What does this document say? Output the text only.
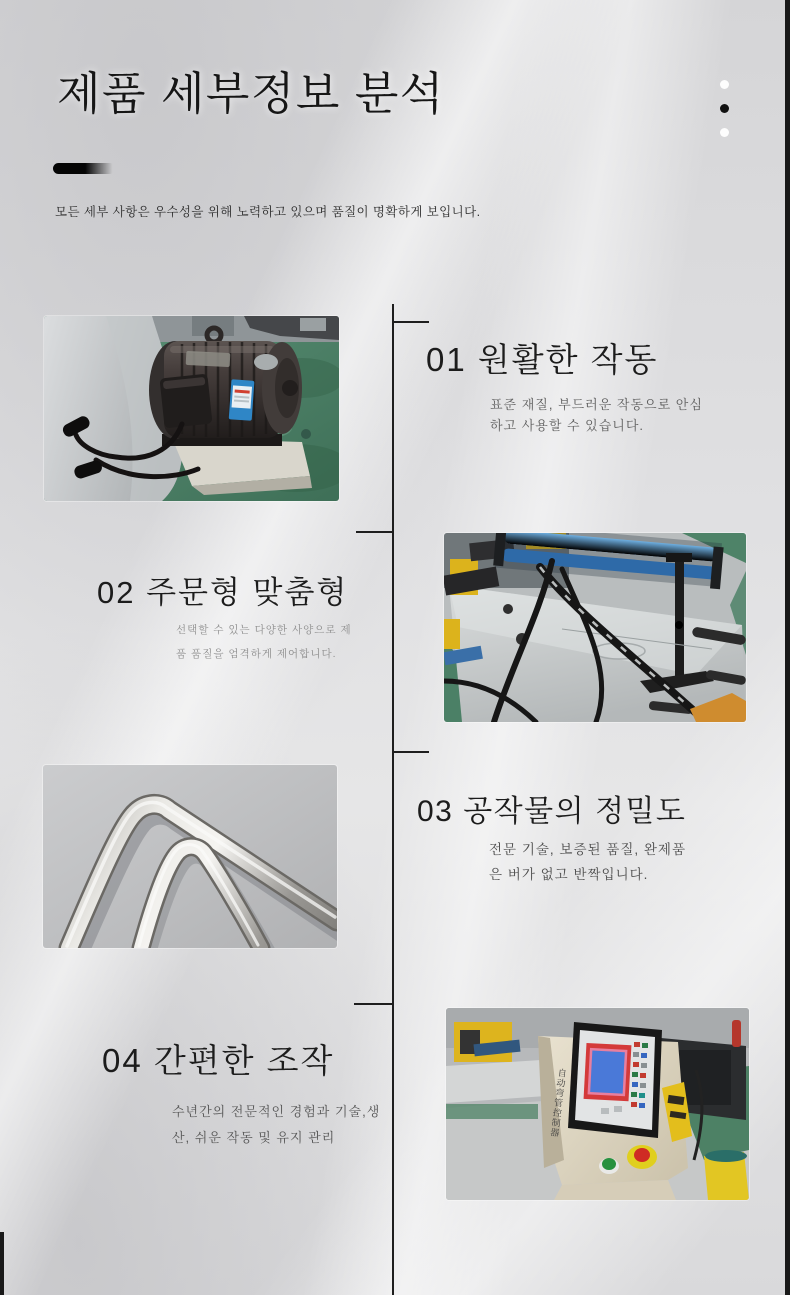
제품 세부정보 분석

모든 세부 사항은 우수성을 위해 노력하고 있으며 품질이 명확하게 보입니다.

01 원활한 작동

표준 재질, 부드러운 작동으로 안심
하고 사용할 수 있습니다.

02 주문형 맞춤형

선택할 수 있는 다양한 사양으로 제
품 품질을 엄격하게 제어합니다.

03 공작물의 정밀도

전문 기술, 보증된 품질, 완제품
은 버가 없고 반짝입니다.

04 간편한 조작

수년간의 전문적인 경험과 기술,생
산, 쉬운 작동 및 유지 관리	自动弯管控制器
